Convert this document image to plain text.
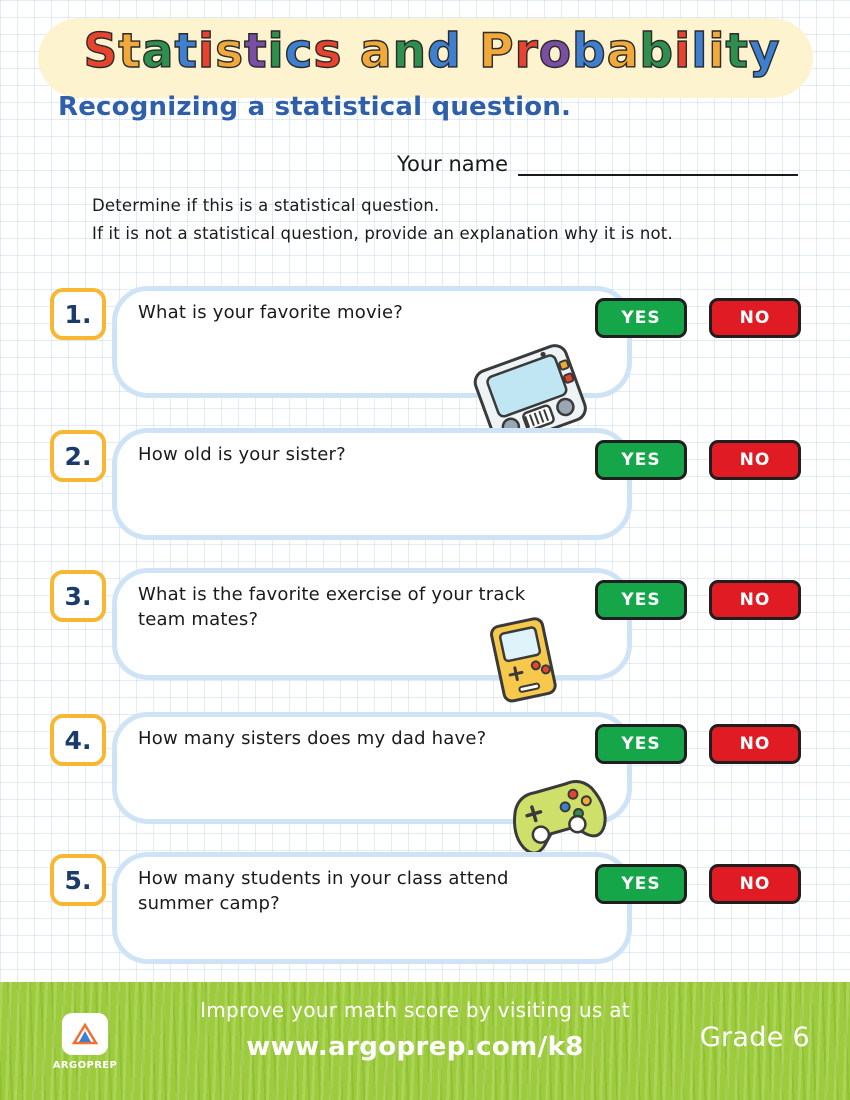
Statistics and Probability
Recognizing a statistical question.
Your name

Determine if this is a statistical question.

If it is not a statistical question, provide an explanation why it is not.

1.	What is your favorite movie?	YES	NO
2.	How old is your sister?	YES	NO
3.	What is the favorite exercise of your track team mates?
YES	NO
4.	How many sisters does my dad have?	YES	NO
5.	How many students in your class attend summer camp?
YES	NO
ARGOPREP
Improve your math score by visiting us at
www.argoprep.com/k8	Grade 6
